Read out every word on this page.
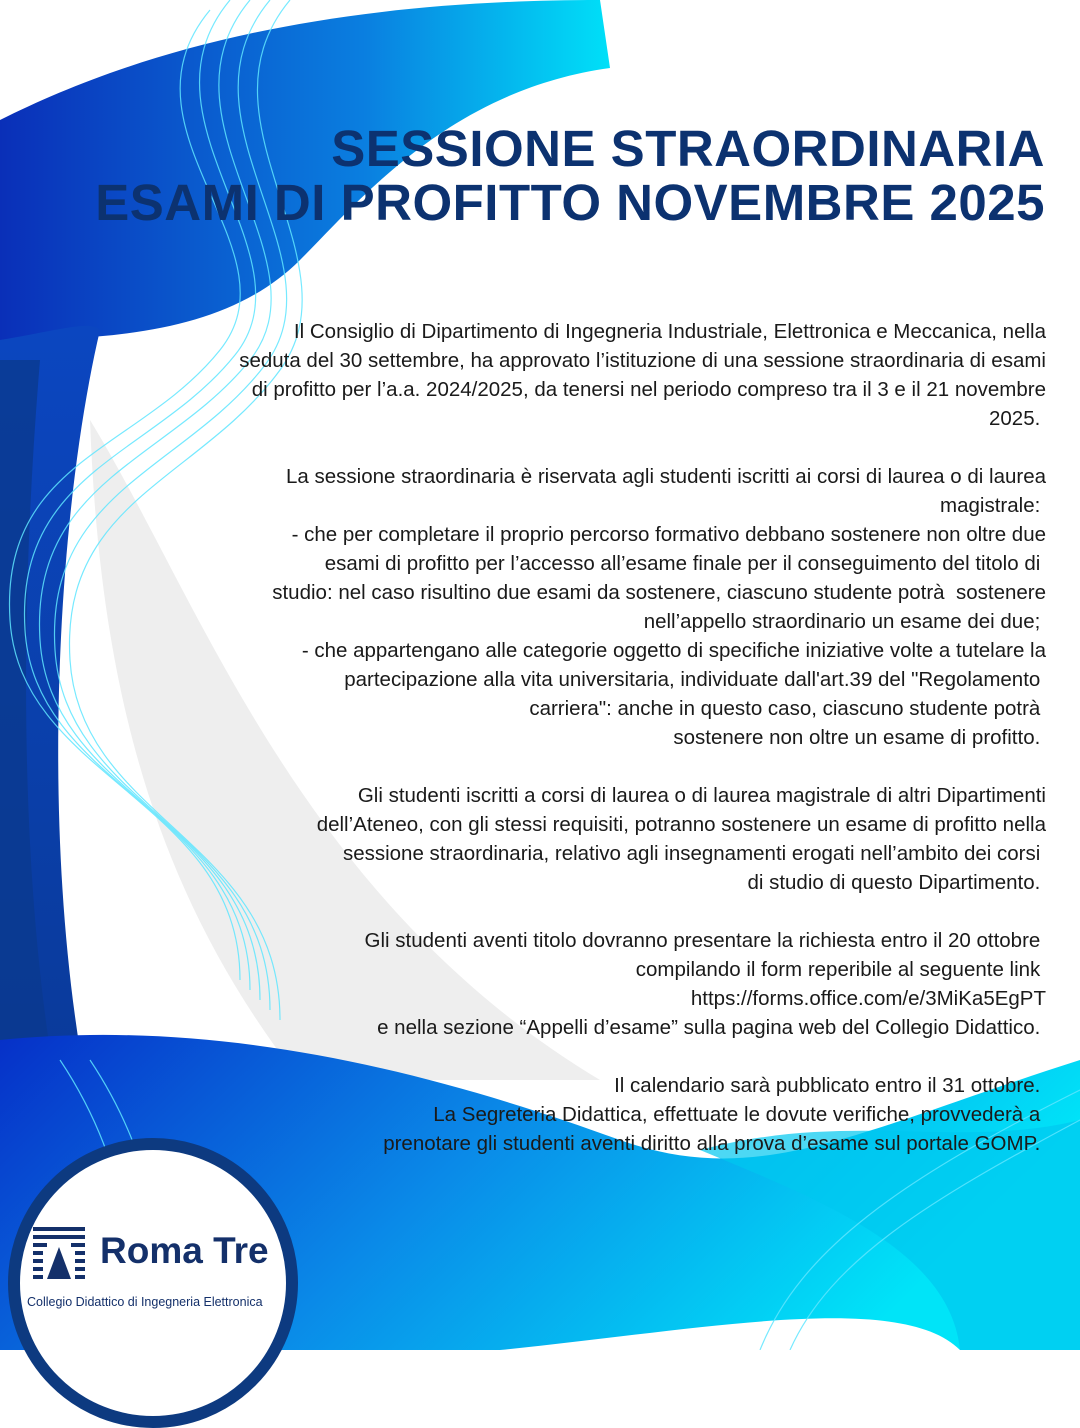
SESSIONE STRAORDINARIA
ESAMI DI PROFITTO NOVEMBRE 2025
Il Consiglio di Dipartimento di Ingegneria Industriale, Elettronica e Meccanica, nella
seduta del 30 settembre, ha approvato l’istituzione di una sessione straordinaria di esami
di profitto per l’a.a. 2024/2025, da tenersi nel periodo compreso tra il 3 e il 21 novembre
2025.
La sessione straordinaria è riservata agli studenti iscritti ai corsi di laurea o di laurea
magistrale:
- che per completare il proprio percorso formativo debbano sostenere non oltre due
esami di profitto per l’accesso all’esame finale per il conseguimento del titolo di
studio: nel caso risultino due esami da sostenere, ciascuno studente potrà  sostenere
nell’appello straordinario un esame dei due;
- che appartengano alle categorie oggetto di specifiche iniziative volte a tutelare la
partecipazione alla vita universitaria, individuate dall'art.39 del "Regolamento
carriera": anche in questo caso, ciascuno studente potrà
sostenere non oltre un esame di profitto.
Gli studenti iscritti a corsi di laurea o di laurea magistrale di altri Dipartimenti
dell’Ateneo, con gli stessi requisiti, potranno sostenere un esame di profitto nella
sessione straordinaria, relativo agli insegnamenti erogati nell’ambito dei corsi
di studio di questo Dipartimento.
Gli studenti aventi titolo dovranno presentare la richiesta entro il 20 ottobre
compilando il form reperibile al seguente link
https://forms.office.com/e/3MiKa5EgPT
e nella sezione “Appelli d’esame” sulla pagina web del Collegio Didattico.
Il calendario sarà pubblicato entro il 31 ottobre.
La Segreteria Didattica, effettuate le dovute verifiche, provvederà a
prenotare gli studenti aventi diritto alla prova d’esame sul portale GOMP.
Roma Tre
Collegio Didattico di Ingegneria Elettronica
